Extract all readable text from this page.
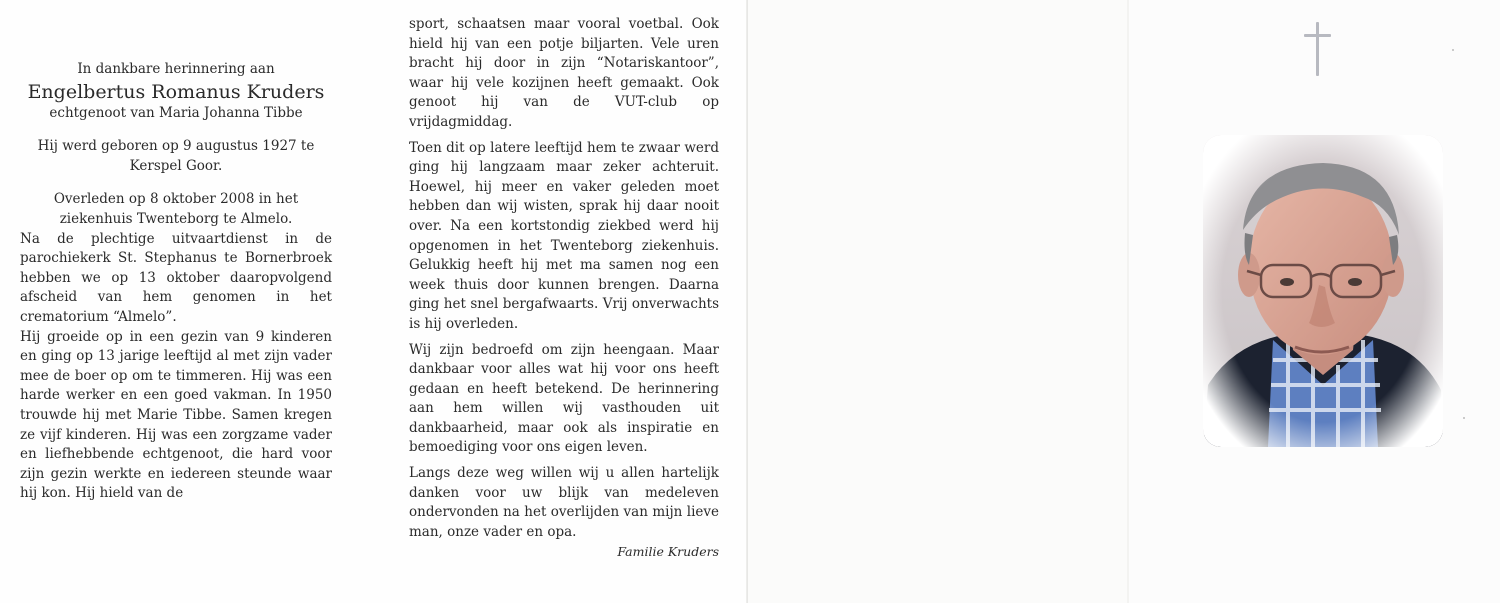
In dankbare herinnering aan

Engelbertus Romanus Kruders

echtgenoot van Maria Johanna Tibbe

Hij werd geboren op 9 augustus 1927 te

Kerspel Goor.

Overleden op 8 oktober 2008 in het

ziekenhuis Twenteborg te Almelo.

Na de plechtige uitvaartdienst in de parochiekerk St. Stephanus te Bornerbroek hebben we op 13 oktober daaropvolgend afscheid van hem genomen in het crematorium “Almelo”.

Hij groeide op in een gezin van 9 kinderen en ging op 13 jarige leeftijd al met zijn vader mee de boer op om te timmeren. Hij was een harde werker en een goed vakman. In 1950 trouwde hij met Marie Tibbe. Samen kregen ze vijf kinderen. Hij was een zorgzame vader en liefhebbende echtgenoot, die hard voor zijn gezin werkte en iedereen steunde waar hij kon. Hij hield van de

sport, schaatsen maar vooral voetbal. Ook hield hij van een potje biljarten. Vele uren bracht hij door in zijn “Notariskantoor”, waar hij vele kozijnen heeft gemaakt. Ook genoot hij van de VUT-club op vrijdagmiddag.

Toen dit op latere leeftijd hem te zwaar werd ging hij langzaam maar zeker achteruit. Hoewel, hij meer en vaker geleden moet hebben dan wij wisten, sprak hij daar nooit over. Na een kortstondig ziekbed werd hij opgenomen in het Twenteborg ziekenhuis. Gelukkig heeft hij met ma samen nog een week thuis door kunnen brengen. Daarna ging het snel bergafwaarts. Vrij onverwachts is hij overleden.

Wij zijn bedroefd om zijn heengaan. Maar dankbaar voor alles wat hij voor ons heeft gedaan en heeft betekend. De herinnering aan hem willen wij vasthouden uit dankbaarheid, maar ook als inspiratie en bemoediging voor ons eigen leven.

Langs deze weg willen wij u allen hartelijk danken voor uw blijk van medeleven ondervonden na het overlijden van mijn lieve man, onze vader en opa.

Familie Kruders
